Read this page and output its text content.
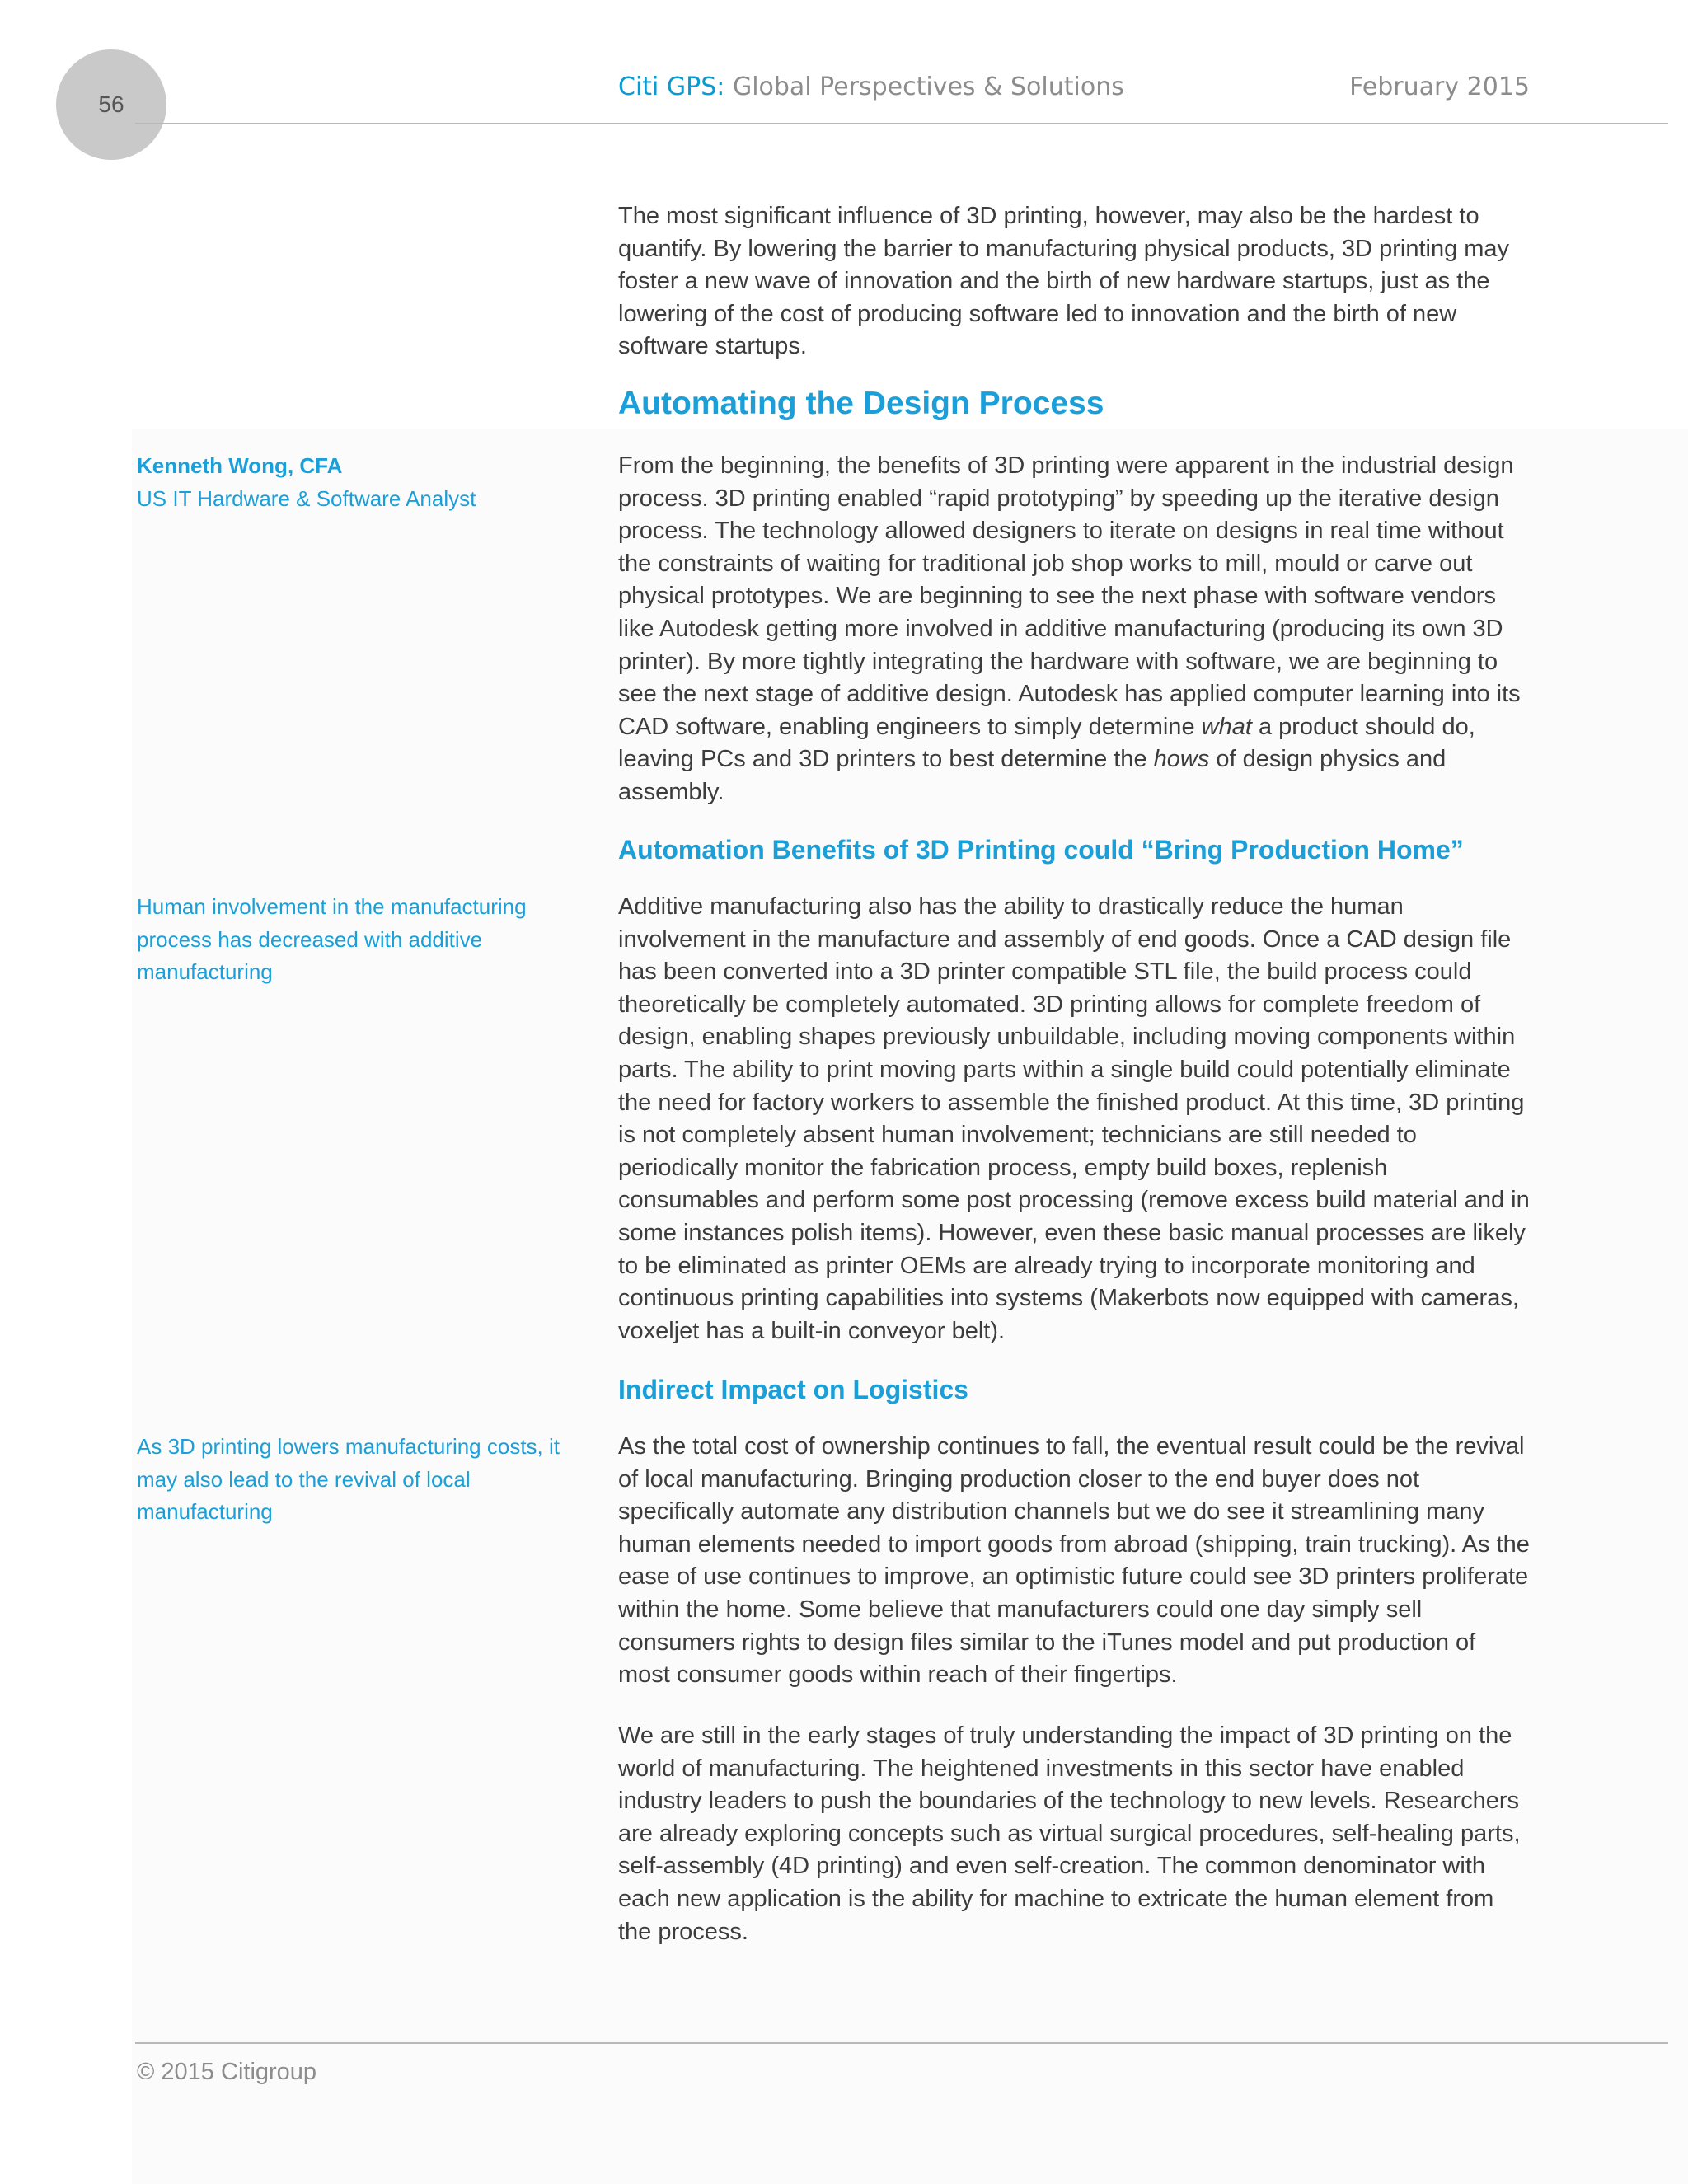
56
Citi GPS: Global Perspectives & Solutions	February 2015

The most significant influence of 3D printing, however, may also be the hardest to quantify. By lowering the barrier to manufacturing physical products, 3D printing may foster a new wave of innovation and the birth of new hardware startups, just as the lowering of the cost of producing software led to innovation and the birth of new software startups.

Automating the Design Process
Kenneth Wong, CFA
US IT Hardware & Software Analyst

From the beginning, the benefits of 3D printing were apparent in the industrial design process. 3D printing enabled “rapid prototyping” by speeding up the iterative design process. The technology allowed designers to iterate on designs in real time without the constraints of waiting for traditional job shop works to mill, mould or carve out physical prototypes. We are beginning to see the next phase with software vendors like Autodesk getting more involved in additive manufacturing (producing its own 3D printer). By more tightly integrating the hardware with software, we are beginning to see the next stage of additive design. Autodesk has applied computer learning into its CAD software, enabling engineers to simply determine what a product should do, leaving PCs and 3D printers to best determine the hows of design physics and assembly.

Automation Benefits of 3D Printing could “Bring Production Home”
Human involvement in the manufacturing process has decreased with additive manufacturing

Additive manufacturing also has the ability to drastically reduce the human involvement in the manufacture and assembly of end goods. Once a CAD design file has been converted into a 3D printer compatible STL file, the build process could theoretically be completely automated. 3D printing allows for complete freedom of design, enabling shapes previously unbuildable, including moving components within parts. The ability to print moving parts within a single build could potentially eliminate the need for factory workers to assemble the finished product. At this time, 3D printing is not completely absent human involvement; technicians are still needed to periodically monitor the fabrication process, empty build boxes, replenish consumables and perform some post processing (remove excess build material and in some instances polish items). However, even these basic manual processes are likely to be eliminated as printer OEMs are already trying to incorporate monitoring and continuous printing capabilities into systems (Makerbots now equipped with cameras, voxeljet has a built-in conveyor belt).

Indirect Impact on Logistics
As 3D printing lowers manufacturing costs, it may also lead to the revival of local manufacturing

As the total cost of ownership continues to fall, the eventual result could be the revival of local manufacturing. Bringing production closer to the end buyer does not specifically automate any distribution channels but we do see it streamlining many human elements needed to import goods from abroad (shipping, train trucking). As the ease of use continues to improve, an optimistic future could see 3D printers proliferate within the home. Some believe that manufacturers could one day simply sell consumers rights to design files similar to the iTunes model and put production of most consumer goods within reach of their fingertips.

We are still in the early stages of truly understanding the impact of 3D printing on the world of manufacturing. The heightened investments in this sector have enabled industry leaders to push the boundaries of the technology to new levels. Researchers are already exploring concepts such as virtual surgical procedures, self-healing parts, self-assembly (4D printing) and even self-creation. The common denominator with each new application is the ability for machine to extricate the human element from the process.

© 2015 Citigroup
